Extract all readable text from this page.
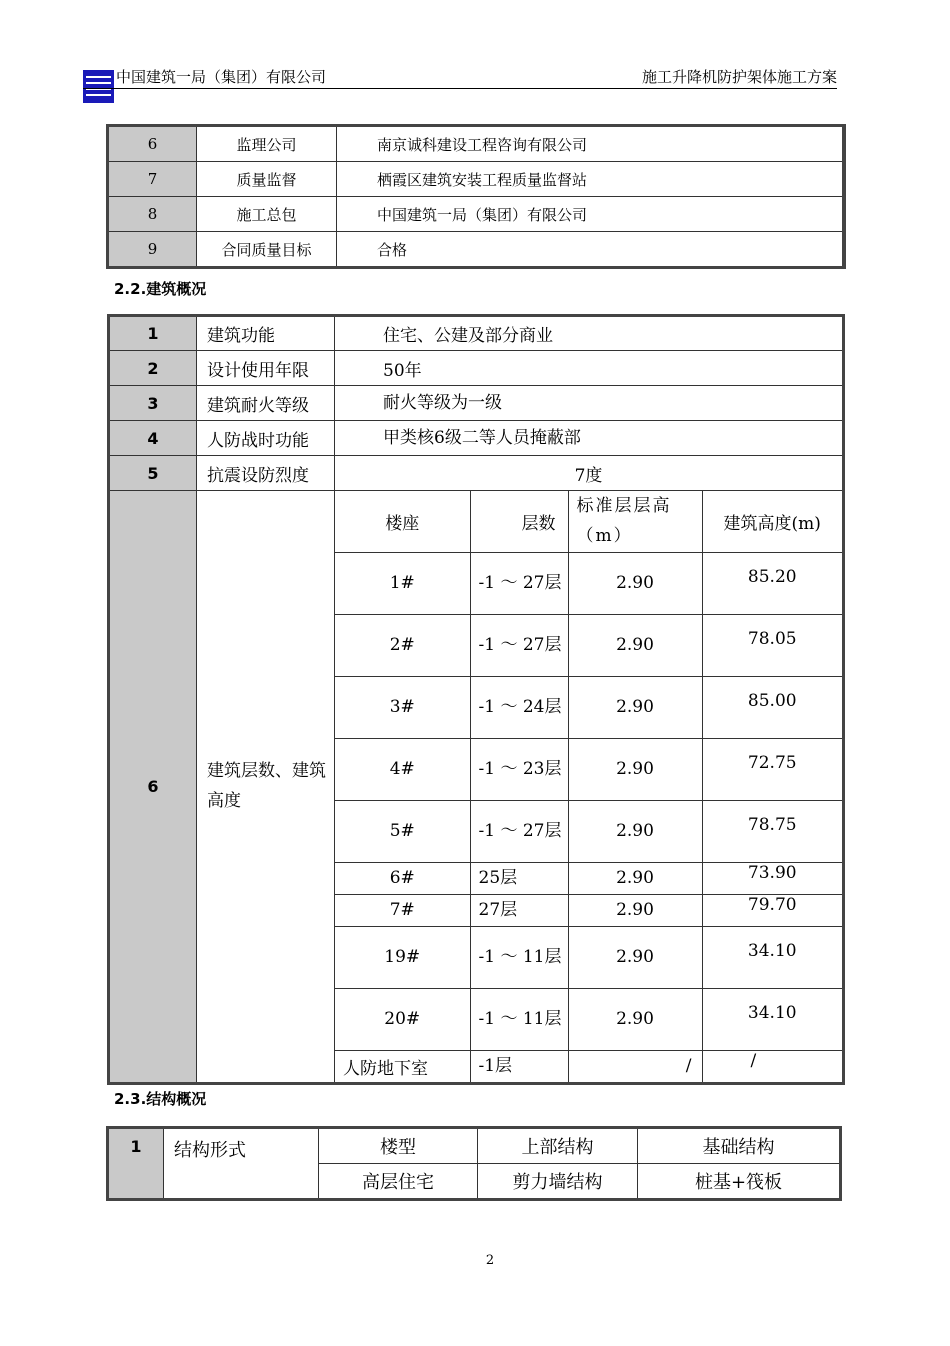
中国建筑一局（集团）有限公司	施工升降机防护架体施工方案
6	监理公司	南京诚科建设工程咨询有限公司
7	质量监督	栖霞区建筑安装工程质量监督站
8	施工总包	中国建筑一局（集团）有限公司
9	合同质量目标	合格
2.2.建筑概况
1	建筑功能	住宅、公建及部分商业
2	设计使用年限	50年
3	建筑耐火等级	耐火等级为一级
4	人防战时功能	甲类核6级二等人员掩蔽部
5	抗震设防烈度	7度
6	建筑层数、建筑高度	
楼座	层数	标准层层高（m）	建筑高度(m)
1#	-1 ～ 27层	2.90	85.20
2#	-1 ～ 27层	2.90	78.05
3#	-1 ～ 24层	2.90	85.00
4#	-1 ～ 23层	2.90	72.75
5#	-1 ～ 27层	2.90	78.75
6#	25层	2.90	73.90
7#	27层	2.90	79.70
19#	-1 ～ 11层	2.90	34.10
20#	-1 ～ 11层	2.90	34.10
人防地下室	-1层	/	/
2.3.结构概况
1	结构形式	楼型	上部结构	基础结构
		高层住宅	剪力墙结构	桩基+筏板
2
